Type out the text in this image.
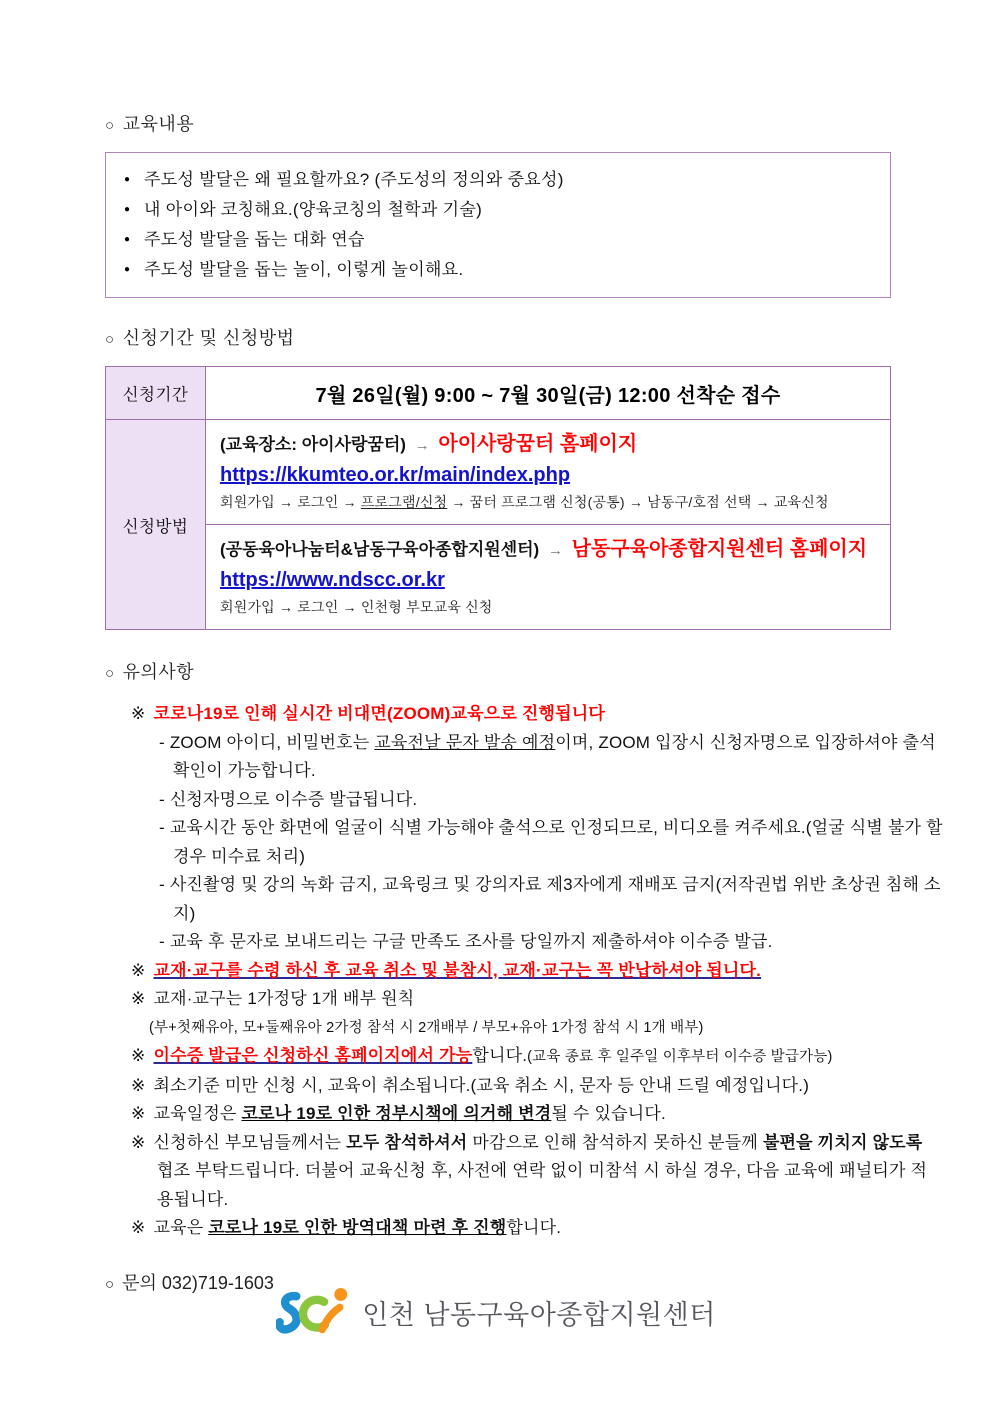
○ 교육내용
● 주도성 발달은 왜 필요할까요? (주도성의 정의와 중요성)
● 내 아이와 코칭해요.(양육코칭의 철학과 기술)
● 주도성 발달을 돕는 대화 연습
● 주도성 발달을 돕는 놀이, 이렇게 놀이해요.
○ 신청기간 및 신청방법
신청기간	7월 26일(월) 9:00 ~ 7월 30일(금) 12:00 선착순 접수
신청방법	(교육장소: 아이사랑꿈터) → 아이사랑꿈터 홈페이지
https://kkumteo.or.kr/main/index.php
회원가입 → 로그인 → 프로그램/신청 → 꿈터 프로그램 신청(공통) → 남동구/호점 선택 → 교육신청

	(공동육아나눔터&남동구육아종합지원센터) → 남동구육아종합지원센터 홈페이지
https://www.ndscc.or.kr
회원가입 → 로그인 → 인천형 부모교육 신청
○ 유의사항
※ 코로나19로 인해 실시간 비대면(ZOOM)교육으로 진행됩니다
- ZOOM 아이디, 비밀번호는 교육전날 문자 발송 예정이며, ZOOM 입장시 신청자명으로 입장하셔야 출석확인이 가능합니다.
- 신청자명으로 이수증 발급됩니다.
- 교육시간 동안 화면에 얼굴이 식별 가능해야 출석으로 인정되므로, 비디오를 켜주세요.(얼굴 식별 불가 할 경우 미수료 처리)
- 사진촬영 및 강의 녹화 금지, 교육링크 및 강의자료 제3자에게 재배포 금지(저작권법 위반 초상권 침해 소지)
- 교육 후 문자로 보내드리는 구글 만족도 조사를 당일까지 제출하셔야 이수증 발급.
※ 교재·교구를 수령 하신 후 교육 취소 및 불참시, 교재·교구는 꼭 반납하셔야 됩니다.
※ 교재·교구는 1가정당 1개 배부 원칙
(부+첫째유아, 모+둘째유아 2가정 참석 시 2개배부 / 부모+유아 1가정 참석 시 1개 배부)
※ 이수증 발급은 신청하신 홈페이지에서 가능합니다.(교육 종료 후 일주일 이후부터 이수증 발급가능)
※ 최소기준 미만 신청 시, 교육이 취소됩니다.(교육 취소 시, 문자 등 안내 드릴 예정입니다.)
※ 교육일정은 코로나 19로 인한 정부시책에 의거해 변경될 수 있습니다.
※ 신청하신 부모님들께서는 모두 참석하셔서 마감으로 인해 참석하지 못하신 분들께 불편을 끼치지 않도록 협조 부탁드립니다. 더불어 교육신청 후, 사전에 연락 없이 미참석 시 하실 경우, 다음 교육에 패널티가 적용됩니다.
※ 교육은 코로나 19로 인한 방역대책 마련 후 진행합니다.
○ 문의 032)719-1603
인천 남동구육아종합지원센터
